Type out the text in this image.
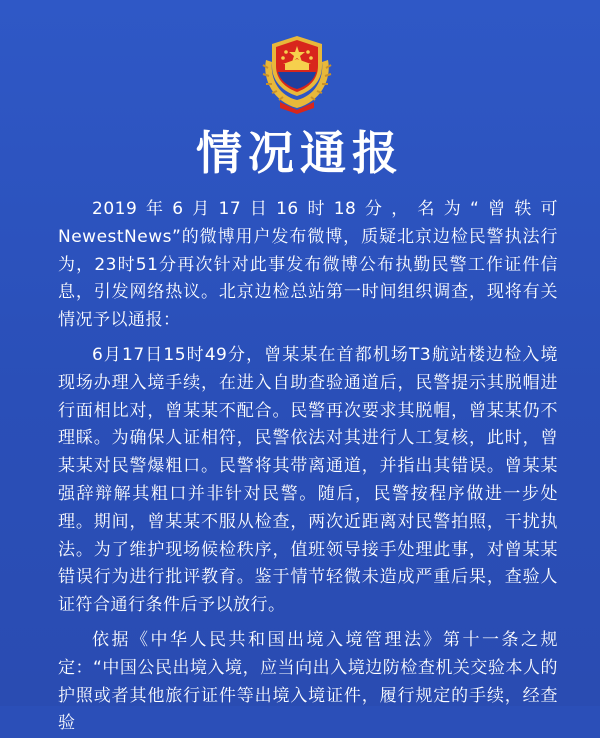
情况通报

2019年6月17日16时18分，名为“曾轶可NewestNews”的微博用户发布微博，质疑北京边检民警执法行为，23时51分再次针对此事发布微博公布执勤民警工作证件信息，引发网络热议。北京边检总站第一时间组织调查，现将有关情况予以通报：

6月17日15时49分，曾某某在首都机场T3航站楼边检入境现场办理入境手续，在进入自助查验通道后，民警提示其脱帽进行面相比对，曾某某不配合。民警再次要求其脱帽，曾某某仍不理睬。为确保人证相符，民警依法对其进行人工复核，此时，曾某某对民警爆粗口。民警将其带离通道，并指出其错误。曾某某强辞辩解其粗口并非针对民警。随后，民警按程序做进一步处理。期间，曾某某不服从检查，两次近距离对民警拍照，干扰执法。为了维护现场候检秩序，值班领导接手处理此事，对曾某某错误行为进行批评教育。鉴于情节轻微未造成严重后果，查验人证符合通行条件后予以放行。

依据《中华人民共和国出境入境管理法》第十一条之规定：“中国公民出境入境，应当向出入境边防检查机关交验本人的护照或者其他旅行证件等出境入境证件，履行规定的手续，经查验
